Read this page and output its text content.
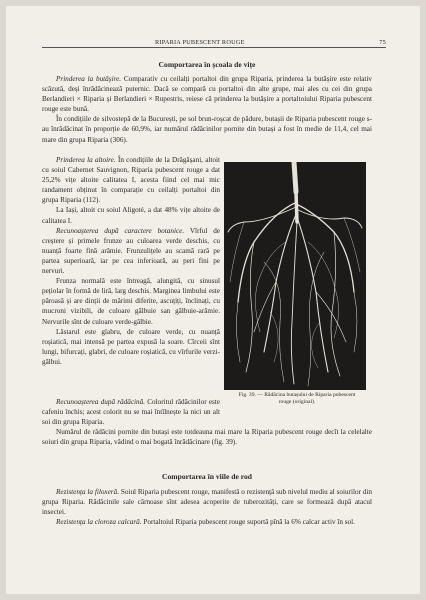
RIPARIA PUBESCENT ROUGE	75
Comportarea în școala de vițe

Prinderea la butășire. Comparativ cu ceilalți portaltoi din grupa Riparia, prinderea la butășire este relativ scăzută, deși înrădăcinează puternic. Dacă se compară cu portaltoi din alte grupe, mai ales cu cei din grupa Berlandieri × Riparia și Berlandieri × Rupestris, reiese că prinderea la butășire a portaltoiului Riparia pubescent rouge este bună.

În condițiile de silvostepă de la București, pe sol brun-roșcat de pădure, butașii de Riparia pubescent rouge s-au înrădăcinat în proporție de 60,9%, iar numărul rădăcinilor pornite din butași a fost în medie de 11,4, cel mai mare din grupa Riparia (306).

Prinderea la altoire. În condițiile de la Drăgășani, altoit cu soiul Cabernet Sauvignon, Riparia pubescent rouge a dat 25,2% vițe altoite calitatea I, acesta fiind cel mai mic randament obținut în comparație cu ceilalți portaltoi din grupa Riparia (112).

La Iași, altoit cu soiul Aligoté, a dat 48% vițe altoite de calitatea I.

Recunoașterea după caractere botanice. Vîrful de creștere și primele frunze au culoarea verde deschis, cu nuanță foarte fină arămie. Frunzulițele au scamă rară pe partea superioară, iar pe cea inferioară, au peri fini pe nervuri.

Frunza normală este întreagă, alungită, cu sinusul pețiolar în formă de liră, larg deschis. Marginea limbului este păroasă și are dinții de mărimi diferite, ascuțiți, înclinați, cu mucroni vizibili, de culoare gălbuie san gălbuie-arămie. Nervurile sînt de culoare verde-gălbie.

Lăstarul este glabru, de culoare verde, cu nuanță roșiatică, mai intensă pe partea expusă la soare. Cîrceii sînt lungi, bifurcați, glabri, de culoare roșiatică, cu vîrfurile verzi-gălbui.

Fig. 39. — Rădăcina butașului de Riparia pubescent
rouge (original).

Recunoașterea după rădăcină. Coloritul rădăcinilor este cafeniu închis; acest colorit nu se mai întîlnește la nici un alt soi din grupa Riparia.

Numărul de rădăcini pornite din butași este totdeauna mai mare la Riparia pubescent rouge decît la celelalte soiuri din grupa Riparia, vădind o mai bogată înrădăcinare (fig. 39).

Comportarea în viile de rod

Rezistența la filoxeră. Soiul Riparia pubescent rouge, manifestă o rezistență sub nivelul mediu al soiurilor din grupa Riparia. Rădăcinile sale cărnoase sînt adesea acoperite de tuberozități, care se formează după atacul insectei.

Rezistența la cloroza calcară. Portaltoiul Riparia pubescent rouge suportă pînă la 6% calcar activ în sol.
